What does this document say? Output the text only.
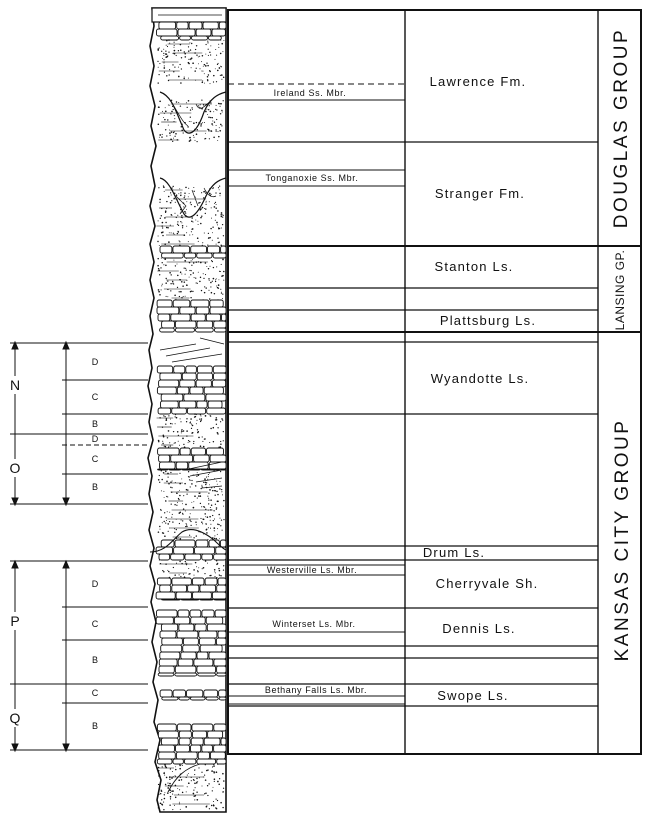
Ireland Ss. Mbr.
Tonganoxie Ss. Mbr.
Westerville Ls. Mbr.
Winterset Ls. Mbr.
Bethany Falls Ls. Mbr.
Lawrence Fm.
Stranger Fm.
Stanton Ls.
Plattsburg Ls.
Wyandotte Ls.
Drum Ls.
Cherryvale Sh.
Dennis Ls.
Swope Ls.
DOUGLAS GROUP
LANSING GP.
KANSAS CITY GROUP
N
O
P
Q
D
C
B
D
C
B
D
C
B
C
B
